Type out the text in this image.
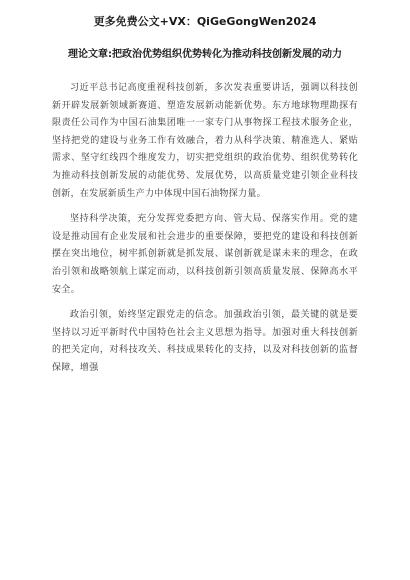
更多免费公文+VX：QiGeGongWen2024
理论文章:把政治优势组织优势转化为推动科技创新发展的动力

习近平总书记高度重视科技创新，多次发表重要讲话，强调以科技创新开辟发展新领域新赛道、塑造发展新动能新优势。东方地球物理勘探有限责任公司作为中国石油集团唯一一家专门从事物探工程技术服务企业，坚持把党的建设与业务工作有效融合，着力从科学决策、精准选人、紧贴需求、坚守红线四个维度发力，切实把党组织的政治优势、组织优势转化为推动科技创新发展的动能优势、发展优势，以高质量党建引领企业科技创新，在发展新质生产力中体现中国石油物探力量。

坚持科学决策，充分发挥党委把方向、管大局、保落实作用。党的建设是推动国有企业发展和社会进步的重要保障，要把党的建设和科技创新摆在突出地位，树牢抓创新就是抓发展、谋创新就是谋未来的理念，在政治引领和战略领航上谋定而动，以科技创新引领高质量发展、保障高水平安全。

政治引领，始终坚定跟党走的信念。加强政治引领，最关键的就是要坚持以习近平新时代中国特色社会主义思想为指导。加强对重大科技创新的把关定向，对科技攻关、科技成果转化的支持，以及对科技创新的监督保障，增强
